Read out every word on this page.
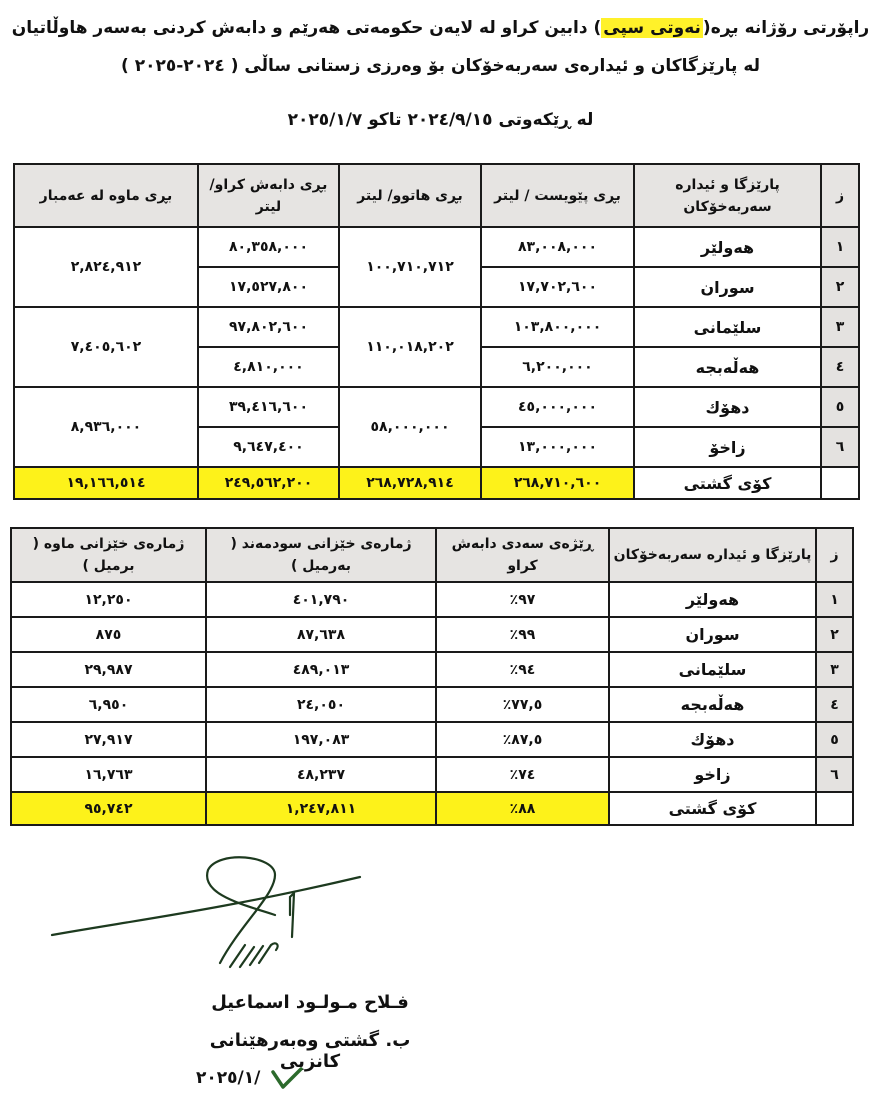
راپۆرتی رۆژانە بڕە(نەوتی سپی) دابین کراو لە لایەن حکومەتی هەرێم و دابەش کردنی بەسەر هاوڵاتیان
لە پارێزگاکان و ئیدارەی سەربەخۆکان بۆ وەرزی زستانی ساڵی ( ٢٠٢٤-٢٠٢٥ )
لە ڕێکەوتی ٢٠٢٤/٩/١٥ تاکو ٢٠٢٥/١/٧
ز	پارێزگا و ئیدارە سەربەخۆکان	بڕی پێویست / لیتر	بڕی هاتوو/ لیتر	بڕی دابەش کراو/ لیتر	بڕی ماوە لە عەمبار
١	هەولێر	٨٣,٠٠٨,٠٠٠	١٠٠,٧١٠,٧١٢	٨٠,٣٥٨,٠٠٠	٢,٨٢٤,٩١٢
٢	سوران	١٧,٧٠٢,٦٠٠		١٧,٥٢٧,٨٠٠	
٣	سلێمانی	١٠٣,٨٠٠,٠٠٠	١١٠,٠١٨,٢٠٢	٩٧,٨٠٢,٦٠٠	٧,٤٠٥,٦٠٢
٤	هەڵەبجە	٦,٢٠٠,٠٠٠		٤,٨١٠,٠٠٠	
٥	دهۆك	٤٥,٠٠٠,٠٠٠	٥٨,٠٠٠,٠٠٠	٣٩,٤١٦,٦٠٠	٨,٩٣٦,٠٠٠
٦	زاخۆ	١٣,٠٠٠,٠٠٠		٩,٦٤٧,٤٠٠	
	کۆی گشتی	٢٦٨,٧١٠,٦٠٠	٢٦٨,٧٢٨,٩١٤	٢٤٩,٥٦٢,٢٠٠	١٩,١٦٦,٥١٤
ز	پارێزگا و ئیدارە سەربەخۆکان	ڕێژەی سەدی دابەش کراو	ژمارەی خێزانی سودمەند ( بەرمیل )	ژمارەی خێزانی ماوە ( برمیل )
١	هەولێر	٪٩٧	٤٠١,٧٩٠	١٢,٢٥٠
٢	سوران	٪٩٩	٨٧,٦٣٨	٨٧٥
٣	سلێمانی	٪٩٤	٤٨٩,٠١٣	٢٩,٩٨٧
٤	هەڵەبجە	٪٧٧,٥	٢٤,٠٥٠	٦,٩٥٠
٥	دهۆك	٪٨٧,٥	١٩٧,٠٨٣	٢٧,٩١٧
٦	زاخو	٪٧٤	٤٨,٢٣٧	١٦,٧٦٣
	کۆی گشتی	٪٨٨	١,٢٤٧,٨١١	٩٥,٧٤٢
فـلاح مـولـود اسماعیل
ب. گشتی وەبەرهێنانی کانزیی
٢٠٢٥/١/
